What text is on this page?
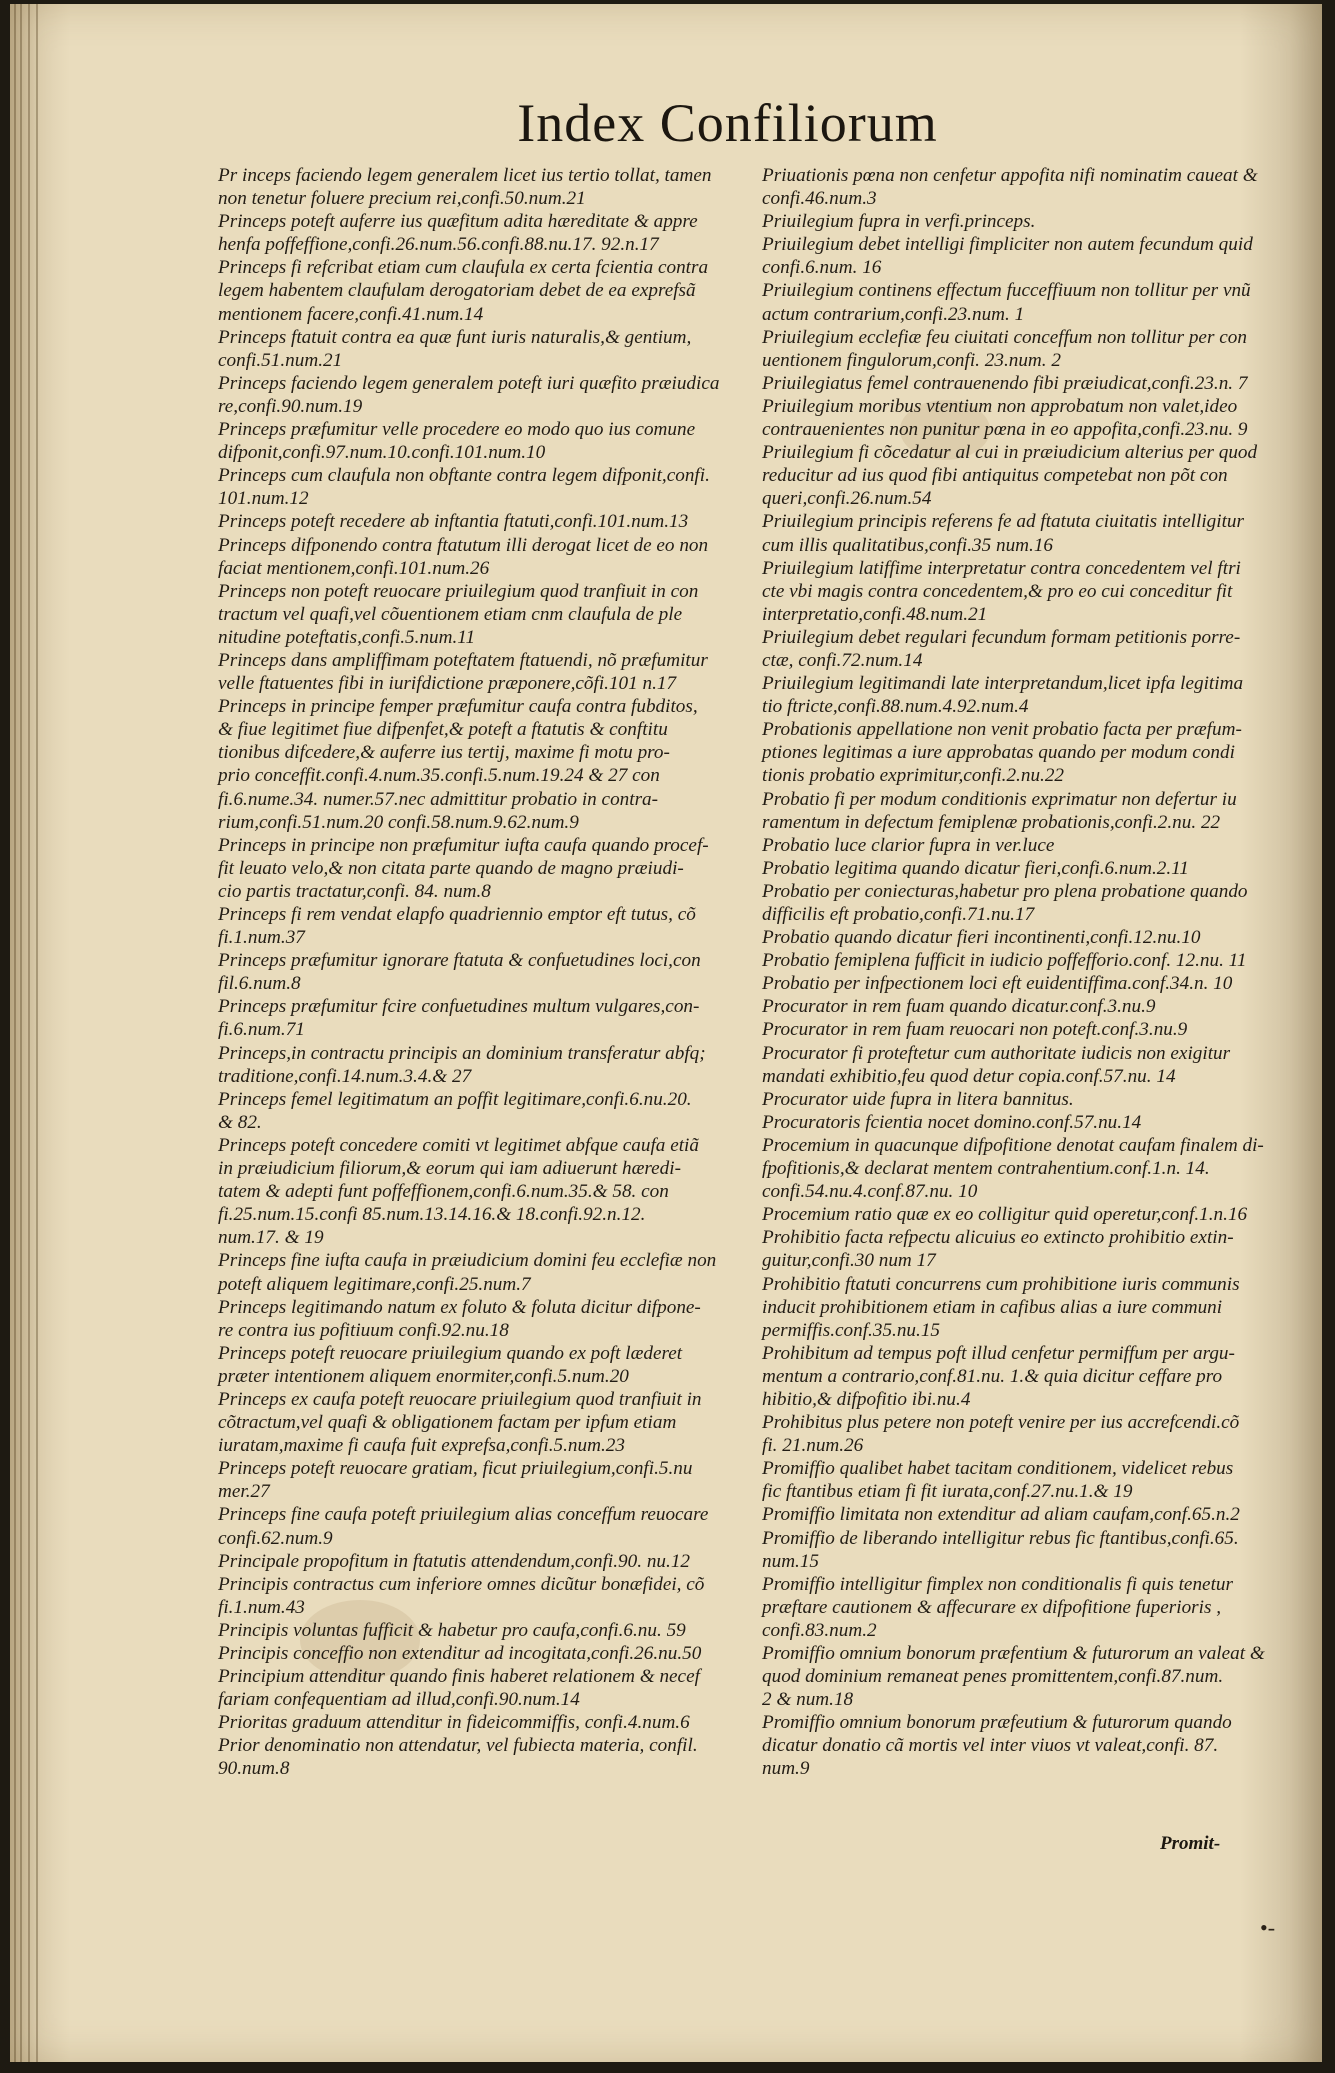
Index Confiliorum

Pr inceps faciendo legem generalem licet ius tertio tollat, tamen
non tenetur foluere precium rei,confi.50.num.21

Princeps poteft auferre ius quæfitum adita hæreditate & appre
henfa poffeffione,confi.26.num.56.confi.88.nu.17. 92.n.17

Princeps fi refcribat etiam cum claufula ex certa fcientia contra
legem habentem claufulam derogatoriam debet de ea exprefsã
mentionem facere,confi.41.num.14

Princeps ftatuit contra ea quæ funt iuris naturalis,& gentium,
confi.51.num.21

Princeps faciendo legem generalem poteft iuri quæfito præiudica
re,confi.90.num.19

Princeps præfumitur velle procedere eo modo quo ius comune
difponit,confi.97.num.10.confi.101.num.10

Princeps cum claufula non obftante contra legem difponit,confi.
101.num.12

Princeps poteft recedere ab inftantia ftatuti,confi.101.num.13

Princeps difponendo contra ftatutum illi derogat licet de eo non
faciat mentionem,confi.101.num.26

Princeps non poteft reuocare priuilegium quod tranfiuit in con
tractum vel quafi,vel cõuentionem etiam cnm claufula de ple
nitudine poteftatis,confi.5.num.11

Princeps dans ampliffimam poteftatem ftatuendi, nõ præfumitur
velle ftatuentes fibi in iurifdictione præponere,cõfi.101 n.17

Princeps in principe femper præfumitur caufa contra fubditos,
& fiue legitimet fiue difpenfet,& poteft a ftatutis & conftitu
tionibus difcedere,& auferre ius tertij, maxime fi motu pro-
prio conceffit.confi.4.num.35.confi.5.num.19.24 & 27 con
fi.6.nume.34. numer.57.nec admittitur probatio in contra-
rium,confi.51.num.20 confi.58.num.9.62.num.9

Princeps in principe non præfumitur iufta caufa quando procef-
fit leuato velo,& non citata parte quando de magno præiudi-
cio partis tractatur,confi. 84. num.8

Princeps fi rem vendat elapfo quadriennio emptor eft tutus, cõ
fi.1.num.37

Princeps præfumitur ignorare ftatuta & confuetudines loci,con
fil.6.num.8

Princeps præfumitur fcire confuetudines multum vulgares,con-
fi.6.num.71

Princeps,in contractu principis an dominium transferatur abfq;
traditione,confi.14.num.3.4.& 27

Princeps femel legitimatum an poffit legitimare,confi.6.nu.20.
& 82.

Princeps poteft concedere comiti vt legitimet abfque caufa etiã
in præiudicium filiorum,& eorum qui iam adiuerunt hæredi-
tatem & adepti funt poffeffionem,confi.6.num.35.& 58. con
fi.25.num.15.confi 85.num.13.14.16.& 18.confi.92.n.12.
num.17. & 19

Princeps fine iufta caufa in præiudicium domini feu ecclefiæ non
poteft aliquem legitimare,confi.25.num.7

Princeps legitimando natum ex foluto & foluta dicitur difpone-
re contra ius pofitiuum confi.92.nu.18

Princeps poteft reuocare priuilegium quando ex poft læderet
præter intentionem aliquem enormiter,confi.5.num.20

Princeps ex caufa poteft reuocare priuilegium quod tranfiuit in
cõtractum,vel quafi & obligationem factam per ipfum etiam
iuratam,maxime fi caufa fuit exprefsa,confi.5.num.23

Princeps poteft reuocare gratiam, ficut priuilegium,confi.5.nu
mer.27

Princeps fine caufa poteft priuilegium alias conceffum reuocare
confi.62.num.9

Principale propofitum in ftatutis attendendum,confi.90. nu.12

Principis contractus cum inferiore omnes dicũtur bonæfidei, cõ
fi.1.num.43

Principis voluntas fufficit & habetur pro caufa,confi.6.nu. 59

Principis conceffio non extenditur ad incogitata,confi.26.nu.50

Principium attenditur quando finis haberet relationem & necef
fariam confequentiam ad illud,confi.90.num.14

Prioritas graduum attenditur in fideicommiffis, confi.4.num.6

Prior denominatio non attendatur, vel fubiecta materia, confil.
90.num.8

Priuationis pœna non cenfetur appofita nifi nominatim caueat &
confi.46.num.3

Priuilegium fupra in verfi.princeps.

Priuilegium debet intelligi fimpliciter non autem fecundum quid
confi.6.num. 16

Priuilegium continens effectum fucceffiuum non tollitur per vnũ
actum contrarium,confi.23.num. 1

Priuilegium ecclefiæ feu ciuitati conceffum non tollitur per con
uentionem fingulorum,confi. 23.num. 2

Priuilegiatus femel contrauenendo fibi præiudicat,confi.23.n. 7

Priuilegium moribus vtentium non approbatum non valet,ideo
contrauenientes non punitur pœna in eo appofita,confi.23.nu. 9

Priuilegium fi cõcedatur al cui in præiudicium alterius per quod
reducitur ad ius quod fibi antiquitus competebat non põt con
queri,confi.26.num.54

Priuilegium principis referens fe ad ftatuta ciuitatis intelligitur
cum illis qualitatibus,confi.35 num.16

Priuilegium latiffime interpretatur contra concedentem vel ftri
cte vbi magis contra concedentem,& pro eo cui conceditur fit
interpretatio,confi.48.num.21

Priuilegium debet regulari fecundum formam petitionis porre-
ctæ, confi.72.num.14

Priuilegium legitimandi late interpretandum,licet ipfa legitima
tio ftricte,confi.88.num.4.92.num.4

Probationis appellatione non venit probatio facta per præfum-
ptiones legitimas a iure approbatas quando per modum condi
tionis probatio exprimitur,confi.2.nu.22

Probatio fi per modum conditionis exprimatur non defertur iu
ramentum in defectum femiplenæ probationis,confi.2.nu. 22

Probatio luce clarior fupra in ver.luce

Probatio legitima quando dicatur fieri,confi.6.num.2.11

Probatio per coniecturas,habetur pro plena probatione quando
difficilis eft probatio,confi.71.nu.17

Probatio quando dicatur fieri incontinenti,confi.12.nu.10

Probatio femiplena fufficit in iudicio poffefforio.conf. 12.nu. 11

Probatio per infpectionem loci eft euidentiffima.conf.34.n. 10

Procurator in rem fuam quando dicatur.conf.3.nu.9

Procurator in rem fuam reuocari non poteft.conf.3.nu.9

Procurator fi proteftetur cum authoritate iudicis non exigitur
mandati exhibitio,feu quod detur copia.conf.57.nu. 14

Procurator uide fupra in litera bannitus.

Procuratoris fcientia nocet domino.conf.57.nu.14

Procemium in quacunque difpofitione denotat caufam finalem di-
fpofitionis,& declarat mentem contrahentium.conf.1.n. 14.
confi.54.nu.4.conf.87.nu. 10

Procemium ratio quæ ex eo colligitur quid operetur,conf.1.n.16

Prohibitio facta refpectu alicuius eo extincto prohibitio extin-
guitur,confi.30 num 17

Prohibitio ftatuti concurrens cum prohibitione iuris communis
inducit prohibitionem etiam in cafibus alias a iure communi
permiffis.conf.35.nu.15

Prohibitum ad tempus poft illud cenfetur permiffum per argu-
mentum a contrario,conf.81.nu. 1.& quia dicitur ceffare pro
hibitio,& difpofitio ibi.nu.4

Prohibitus plus petere non poteft venire per ius accrefcendi.cõ
fi. 21.num.26

Promiffio qualibet habet tacitam conditionem, videlicet rebus
fic ftantibus etiam fi fit iurata,conf.27.nu.1.& 19

Promiffio limitata non extenditur ad aliam caufam,conf.65.n.2

Promiffio de liberando intelligitur rebus fic ftantibus,confi.65.
num.15

Promiffio intelligitur fimplex non conditionalis fi quis tenetur
præftare cautionem & affecurare ex difpofitione fuperioris ,
confi.83.num.2

Promiffio omnium bonorum præfentium & futurorum an valeat &
quod dominium remaneat penes promittentem,confi.87.num.
2 & num.18

Promiffio omnium bonorum præfeutium & futurorum quando
dicatur donatio cã mortis vel inter viuos vt valeat,confi. 87.
num.9

Promit-
•-
